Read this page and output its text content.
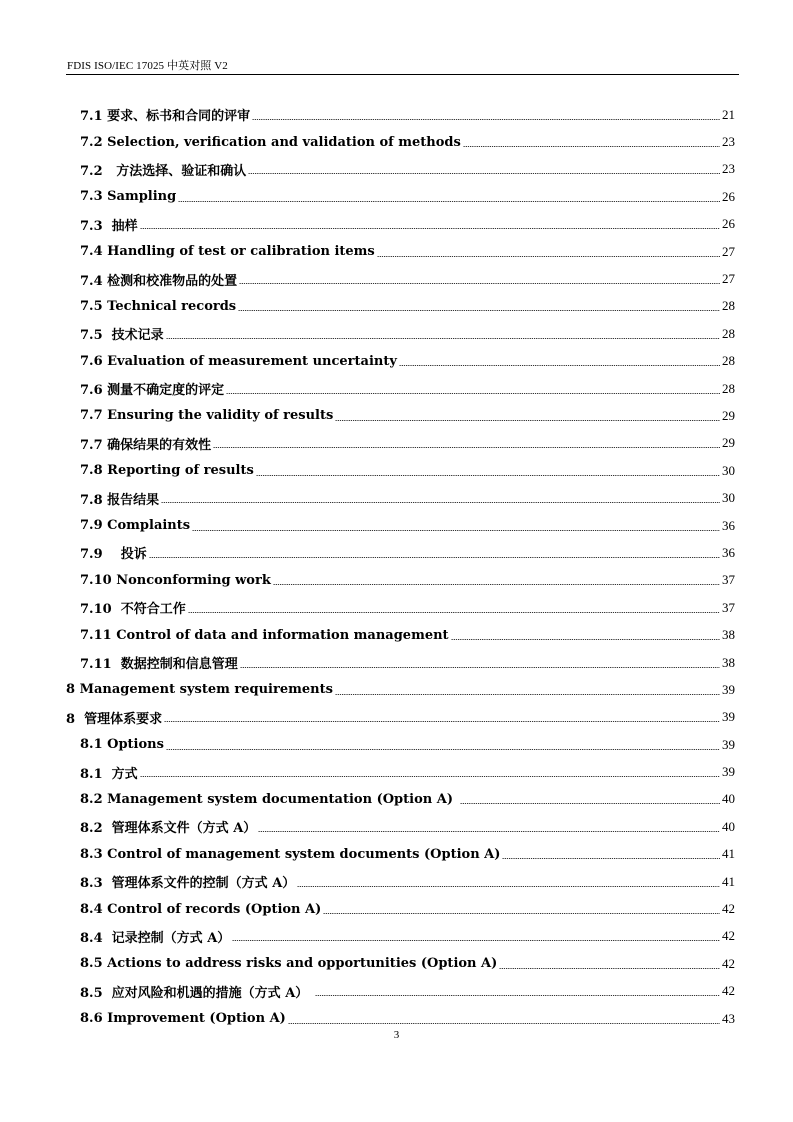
FDIS ISO/IEC 17025 中英对照 V2
7.1 要求、标书和合同的评审	21
7.2 Selection, verification and validation of methods	23
7.2   方法选择、验证和确认	23
7.3 Sampling	26
7.3  抽样	26
7.4 Handling of test or calibration items	27
7.4 检测和校准物品的处置	27
7.5 Technical records	28
7.5  技术记录	28
7.6 Evaluation of measurement uncertainty	28
7.6 测量不确定度的评定	28
7.7 Ensuring the validity of results	29
7.7 确保结果的有效性	29
7.8 Reporting of results	30
7.8 报告结果	30
7.9 Complaints	36
7.9    投诉	36
7.10 Nonconforming work	37
7.10  不符合工作	37
7.11 Control of data and information management	38
7.11  数据控制和信息管理	38
8 Management system requirements	39
8  管理体系要求	39
8.1 Options	39
8.1  方式	39
8.2 Management system documentation (Option A)	40
8.2  管理体系文件（方式 A）	40
8.3 Control of management system documents (Option A)	41
8.3  管理体系文件的控制（方式 A）	41
8.4 Control of records (Option A)	42
8.4  记录控制（方式 A）	42
8.5 Actions to address risks and opportunities (Option A)	42
8.5  应对风险和机遇的措施（方式 A）	42
8.6 Improvement (Option A)	43
3
